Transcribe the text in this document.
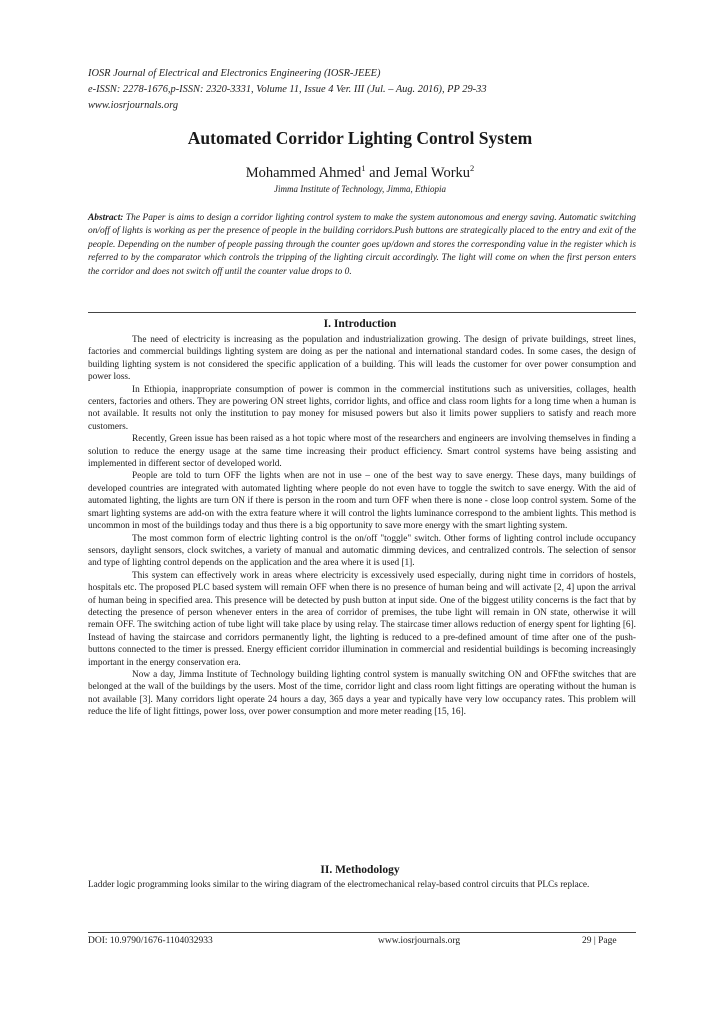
IOSR Journal of Electrical and Electronics Engineering (IOSR-JEEE)
e-ISSN: 2278-1676,p-ISSN: 2320-3331, Volume 11, Issue 4 Ver. III (Jul. – Aug. 2016), PP 29-33
www.iosrjournals.org
Automated Corridor Lighting Control System
Mohammed Ahmed$^1$ and Jemal Worku$^2$
Jimma Institute of Technology, Jimma, Ethiopia
Abstract: The Paper is aims to design a corridor lighting control system to make the system autonomous and energy saving. Automatic switching on/off of lights is working as per the presence of people in the building corridors.Push buttons are strategically placed to the entry and exit of the people. Depending on the number of people passing through the counter goes up/down and stores the corresponding value in the register which is referred to by the comparator which controls the tripping of the lighting circuit accordingly. The light will come on when the first person enters the corridor and does not switch off until the counter value drops to 0.
I. Introduction

The need of electricity is increasing as the population and industrialization growing. The design of private buildings, street lines, factories and commercial buildings lighting system are doing as per the national and international standard codes. In some cases, the design of building lighting system is not considered the specific application of a building. This will leads the customer for over power consumption and power loss.

In Ethiopia, inappropriate consumption of power is common in the commercial institutions such as universities, collages, health centers, factories and others. They are powering ON street lights, corridor lights, and office and class room lights for a long time when a human is not available. It results not only the institution to pay money for misused powers but also it limits power suppliers to satisfy and reach more customers.

Recently, Green issue has been raised as a hot topic where most of the researchers and engineers are involving themselves in finding a solution to reduce the energy usage at the same time increasing their product efficiency. Smart control systems have being assisting and implemented in different sector of developed world.

People are told to turn OFF the lights when are not in use – one of the best way to save energy. These days, many buildings of developed countries are integrated with automated lighting where people do not even have to toggle the switch to save energy. With the aid of automated lighting, the lights are turn ON if there is person in the room and turn OFF when there is none - close loop control system. Some of the smart lighting systems are add-on with the extra feature where it will control the lights luminance correspond to the ambient lights. This method is uncommon in most of the buildings today and thus there is a big opportunity to save more energy with the smart lighting system.

The most common form of electric lighting control is the on/off "toggle" switch. Other forms of lighting control include occupancy sensors, daylight sensors, clock switches, a variety of manual and automatic dimming devices, and centralized controls. The selection of sensor and type of lighting control depends on the application and the area where it is used [1].

This system can effectively work in areas where electricity is excessively used especially, during night time in corridors of hostels, hospitals etc. The proposed PLC based system will remain OFF when there is no presence of human being and will activate [2, 4] upon the arrival of human being in specified area. This presence will be detected by push button at input side. One of the biggest utility concerns is the fact that by detecting the presence of person whenever enters in the area of corridor of premises, the tube light will remain in ON state, otherwise it will remain OFF. The switching action of tube light will take place by using relay. The staircase timer allows reduction of energy spent for lighting [6]. Instead of having the staircase and corridors permanently light, the lighting is reduced to a pre-defined amount of time after one of the push-buttons connected to the timer is pressed. Energy efficient corridor illumination in commercial and residential buildings is becoming increasingly important in the energy conservation era.

Now a day, Jimma Institute of Technology building lighting control system is manually switching ON and OFFthe switches that are belonged at the wall of the buildings by the users. Most of the time, corridor light and class room light fittings are operating without the human is not available [3]. Many corridors light operate 24 hours a day, 365 days a year and typically have very low occupancy rates. This problem will reduce the life of light fittings, power loss, over power consumption and more meter reading [15, 16].

II. Methodology

Ladder logic programming looks similar to the wiring diagram of the electromechanical relay-based control circuits that PLCs replace.

DOI: 10.9790/1676-1104032933	www.iosrjournals.org	29 | Page
